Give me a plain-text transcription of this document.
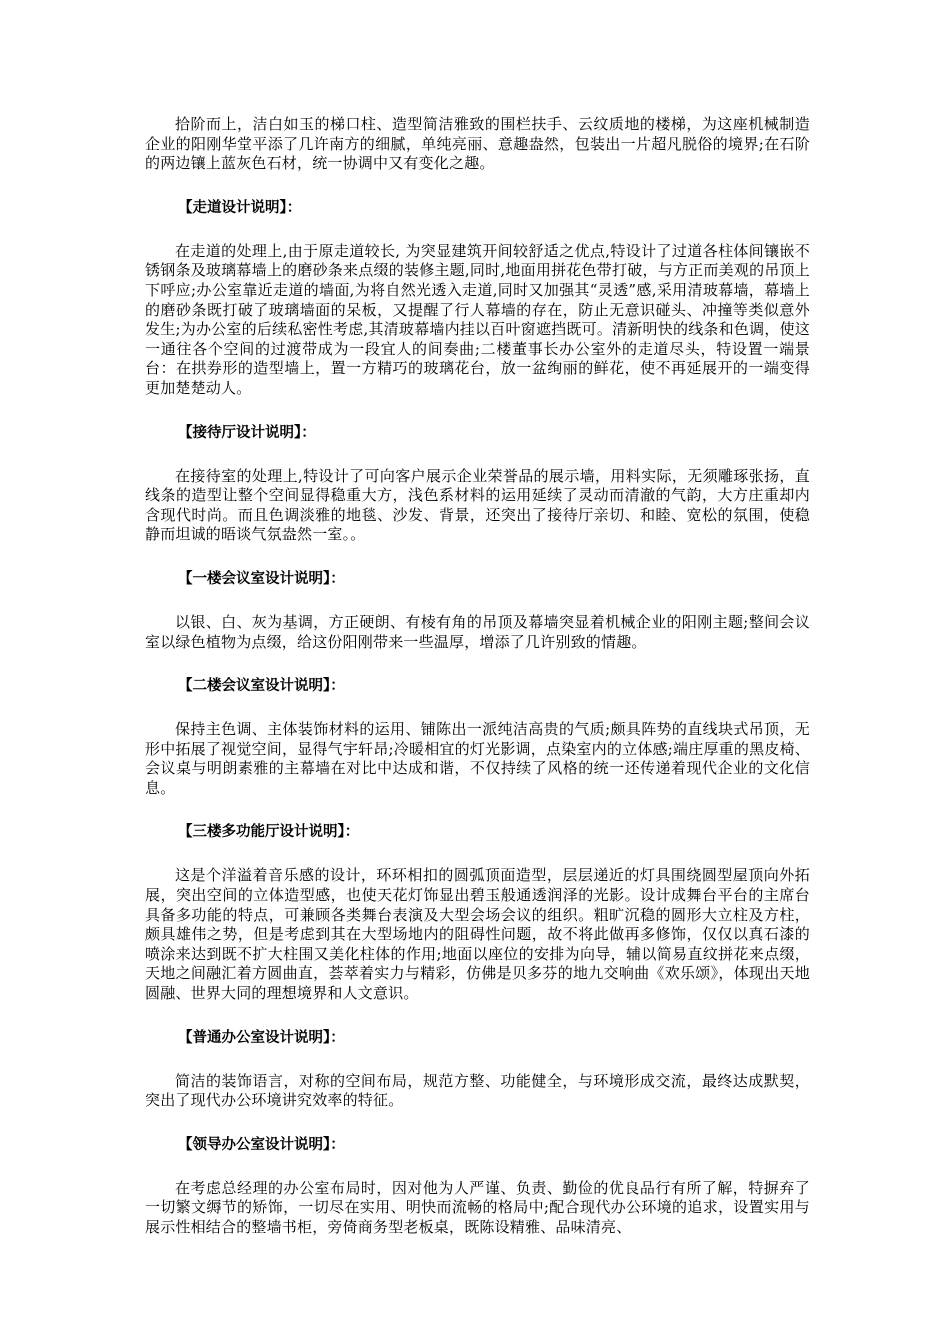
拾阶而上，洁白如玉的梯口柱、造型简洁雅致的围栏扶手、云纹质地的楼梯，为这座机械制造企业的阳刚华堂平添了几许南方的细腻，单纯亮丽、意趣盎然，包装出一片超凡脱俗的境界;在石阶的两边镶上蓝灰色石材，统一协调中又有变化之趣。

【走道设计说明】：

在走道的处理上,由于原走道较长, 为突显建筑开间较舒适之优点,特设计了过道各柱体间镶嵌不锈钢条及玻璃幕墙上的磨砂条来点缀的装修主题,同时,地面用拼花色带打破，与方正而美观的吊顶上下呼应;办公室靠近走道的墙面,为将自然光透入走道,同时又加强其“灵透”感,采用清玻幕墙，幕墙上的磨砂条既打破了玻璃墙面的呆板，又提醒了行人幕墙的存在，防止无意识碰头、冲撞等类似意外发生;为办公室的后续私密性考虑,其清玻幕墙内挂以百叶窗遮挡既可。清新明快的线条和色调，使这一通往各个空间的过渡带成为一段宜人的间奏曲;二楼董事长办公室外的走道尽头，特设置一端景台：在拱券形的造型墙上，置一方精巧的玻璃花台，放一盆绚丽的鲜花，使不再延展开的一端变得更加楚楚动人。

【接待厅设计说明】：

在接待室的处理上,特设计了可向客户展示企业荣誉品的展示墙，用料实际，无须雕琢张扬，直线条的造型让整个空间显得稳重大方，浅色系材料的运用延续了灵动而清澈的气韵，大方庄重却内含现代时尚。而且色调淡雅的地毯、沙发、背景，还突出了接待厅亲切、和睦、宽松的氛围，使稳静而坦诚的晤谈气氛盎然一室。。

【一楼会议室设计说明】：

以银、白、灰为基调，方正硬朗、有棱有角的吊顶及幕墙突显着机械企业的阳刚主题;整间会议室以绿色植物为点缀，给这份阳刚带来一些温厚，增添了几许别致的情趣。

【二楼会议室设计说明】：

保持主色调、主体装饰材料的运用、铺陈出一派纯洁高贵的气质;颇具阵势的直线块式吊顶，无形中拓展了视觉空间，显得气宇轩昂;冷暖相宜的灯光影调，点染室内的立体感;端庄厚重的黑皮椅、会议桌与明朗素雅的主幕墙在对比中达成和谐，不仅持续了风格的统一还传递着现代企业的文化信息。

【三楼多功能厅设计说明】：

这是个洋溢着音乐感的设计，环环相扣的圆弧顶面造型，层层递近的灯具围绕圆型屋顶向外拓展，突出空间的立体造型感，也使天花灯饰显出碧玉般通透润泽的光影。设计成舞台平台的主席台具备多功能的特点，可兼顾各类舞台表演及大型会场会议的组织。粗旷沉稳的圆形大立柱及方柱，颇具雄伟之势，但是考虑到其在大型场地内的阻碍性问题，故不将此做再多修饰，仅仅以真石漆的喷涂来达到既不扩大柱围又美化柱体的作用;地面以座位的安排为向导，辅以简易直纹拼花来点缀，天地之间融汇着方圆曲直，荟萃着实力与精彩，仿佛是贝多芬的地九交响曲《欢乐颂》，体现出天地圆融、世界大同的理想境界和人文意识。

【普通办公室设计说明】：

简洁的装饰语言，对称的空间布局，规范方整、功能健全，与环境形成交流，最终达成默契，突出了现代办公环境讲究效率的特征。

【领导办公室设计说明】：

在考虑总经理的办公室布局时，因对他为人严谨、负责、勤俭的优良品行有所了解，特摒弃了一切繁文缛节的矫饰，一切尽在实用、明快而流畅的格局中;配合现代办公环境的追求，设置实用与展示性相结合的整墙书柜，旁倚商务型老板桌，既陈设精雅、品味清亮、
